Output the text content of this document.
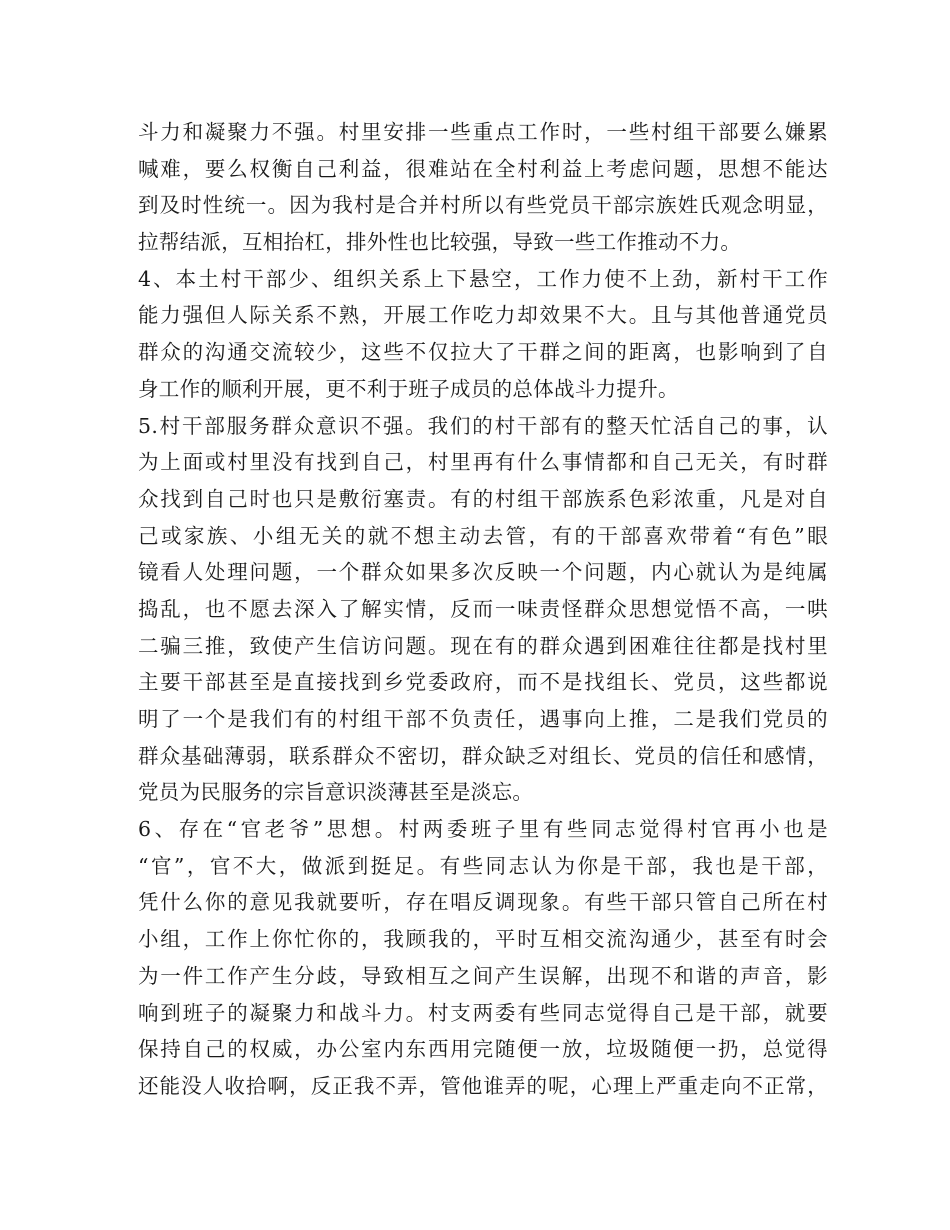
斗力和凝聚力不强。村里安排一些重点工作时，一些村组干部要么嫌累
喊难，要么权衡自己利益，很难站在全村利益上考虑问题，思想不能达
到及时性统一。因为我村是合并村所以有些党员干部宗族姓氏观念明显，
拉帮结派，互相抬杠，排外性也比较强，导致一些工作推动不力。
4、本土村干部少、组织关系上下悬空，工作力使不上劲，新村干工作
能力强但人际关系不熟，开展工作吃力却效果不大。且与其他普通党员
群众的沟通交流较少，这些不仅拉大了干群之间的距离，也影响到了自
身工作的顺利开展，更不利于班子成员的总体战斗力提升。
5.村干部服务群众意识不强。我们的村干部有的整天忙活自己的事，认
为上面或村里没有找到自己，村里再有什么事情都和自己无关，有时群
众找到自己时也只是敷衍塞责。有的村组干部族系色彩浓重，凡是对自
己或家族、小组无关的就不想主动去管，有的干部喜欢带着“有色”眼
镜看人处理问题，一个群众如果多次反映一个问题，内心就认为是纯属
捣乱，也不愿去深入了解实情，反而一味责怪群众思想觉悟不高，一哄
二骗三推，致使产生信访问题。现在有的群众遇到困难往往都是找村里
主要干部甚至是直接找到乡党委政府，而不是找组长、党员，这些都说
明了一个是我们有的村组干部不负责任，遇事向上推，二是我们党员的
群众基础薄弱，联系群众不密切，群众缺乏对组长、党员的信任和感情，
党员为民服务的宗旨意识淡薄甚至是淡忘。
6、存在“官老爷”思想。村两委班子里有些同志觉得村官再小也是
“官”，官不大，做派到挺足。有些同志认为你是干部，我也是干部，
凭什么你的意见我就要听，存在唱反调现象。有些干部只管自己所在村
小组，工作上你忙你的，我顾我的，平时互相交流沟通少，甚至有时会
为一件工作产生分歧，导致相互之间产生误解，出现不和谐的声音，影
响到班子的凝聚力和战斗力。村支两委有些同志觉得自己是干部，就要
保持自己的权威，办公室内东西用完随便一放，垃圾随便一扔，总觉得
还能没人收拾啊，反正我不弄，管他谁弄的呢，心理上严重走向不正常，
